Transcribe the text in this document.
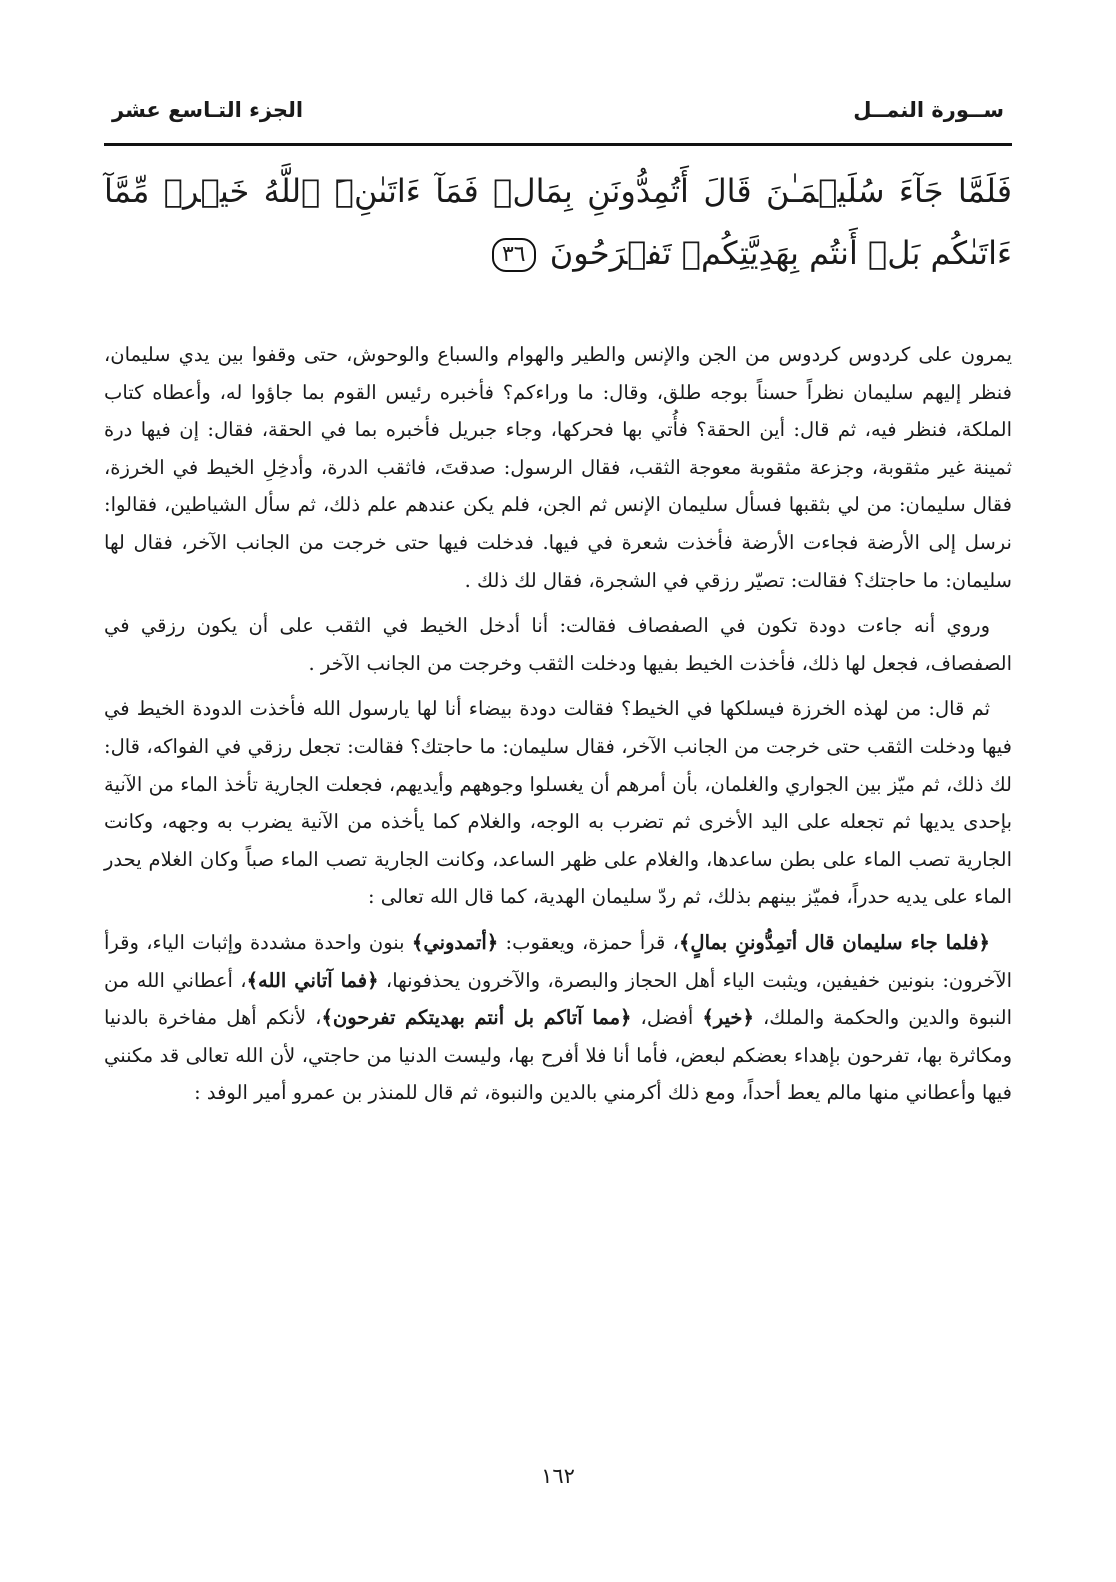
ســورة النمــل
الجزء التـاسع عشر
فَلَمَّا جَآءَ سُلَيۡمَـٰنَ قَالَ أَتُمِدُّونَنِ بِمَالٖ فَمَآ ءَاتَىٰنِۦَ ٱللَّهُ خَيۡرٞ مِّمَّآ ءَاتَىٰكُم بَلۡ أَنتُم بِهَدِيَّتِكُمۡ تَفۡرَحُونَ ٣٦

يمرون على كردوس كردوس من الجن والإنس والطير والهوام والسباع والوحوش، حتى وقفوا بين يدي سليمان، فنظر إليهم سليمان نظراً حسناً بوجه طلق، وقال: ما وراءكم؟ فأخبره رئيس القوم بما جاؤوا له، وأعطاه كتاب الملكة، فنظر فيه، ثم قال: أين الحقة؟ فأُتي بها فحركها، وجاء جبريل فأخبره بما في الحقة، فقال: إن فيها درة ثمينة غير مثقوبة، وجزعة مثقوبة معوجة الثقب، فقال الرسول: صدقتَ، فاثقب الدرة، وأدخِلِ الخيط في الخرزة، فقال سليمان: من لي بثقبها فسأل سليمان الإنس ثم الجن، فلم يكن عندهم علم ذلك، ثم سأل الشياطين، فقالوا: نرسل إلى الأرضة فجاءت الأرضة فأخذت شعرة في فيها. فدخلت فيها حتى خرجت من الجانب الآخر، فقال لها سليمان: ما حاجتك؟ فقالت: تصيّر رزقي في الشجرة، فقال لك ذلك .

وروي أنه جاءت دودة تكون في الصفصاف فقالت: أنا أدخل الخيط في الثقب على أن يكون رزقي في الصفصاف، فجعل لها ذلك، فأخذت الخيط بفيها ودخلت الثقب وخرجت من الجانب الآخر .

ثم قال: من لهذه الخرزة فيسلكها في الخيط؟ فقالت دودة بيضاء أنا لها يارسول الله فأخذت الدودة الخيط في فيها ودخلت الثقب حتى خرجت من الجانب الآخر، فقال سليمان: ما حاجتك؟ فقالت: تجعل رزقي في الفواكه، قال: لك ذلك، ثم ميّز بين الجواري والغلمان، بأن أمرهم أن يغسلوا وجوههم وأيديهم، فجعلت الجارية تأخذ الماء من الآنية بإحدى يديها ثم تجعله على اليد الأخرى ثم تضرب به الوجه، والغلام كما يأخذه من الآنية يضرب به وجهه، وكانت الجارية تصب الماء على بطن ساعدها، والغلام على ظهر الساعد، وكانت الجارية تصب الماء صباً وكان الغلام يحدر الماء على يديه حدراً، فميّز بينهم بذلك، ثم ردّ سليمان الهدية، كما قال الله تعالى :

﴿فلما جاء سليمان قال أتمِدُّوننِ بمالٍ﴾، قرأ حمزة، ويعقوب: ﴿أتمدوني﴾ بنون واحدة مشددة وإثبات الياء، وقرأ الآخرون: بنونين خفيفين، ويثبت الياء أهل الحجاز والبصرة، والآخرون يحذفونها، ﴿فما آتاني الله﴾، أعطاني الله من النبوة والدين والحكمة والملك، ﴿خير﴾ أفضل، ﴿مما آتاكم بل أنتم بهديتكم تفرحون﴾، لأنكم أهل مفاخرة بالدنيا ومكاثرة بها، تفرحون بإهداء بعضكم لبعض، فأما أنا فلا أفرح بها، وليست الدنيا من حاجتي، لأن الله تعالى قد مكنني فيها وأعطاني منها مالم يعط أحداً، ومع ذلك أكرمني بالدين والنبوة، ثم قال للمنذر بن عمرو أمير الوفد :

١٦٢
